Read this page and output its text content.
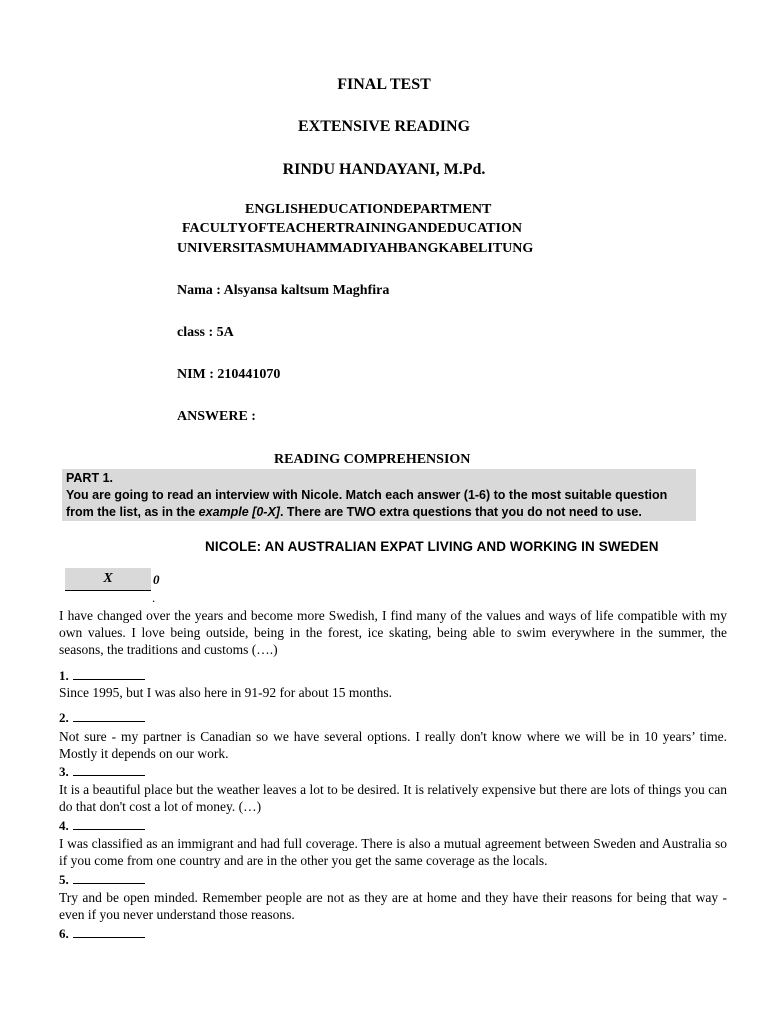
FINAL TEST
EXTENSIVE READING
RINDU HANDAYANI, M.Pd.
ENGLISHEDUCATIONDEPARTMENT
FACULTYOFTEACHERTRAININGANDEDUCATION
UNIVERSITASMUHAMMADIYAHBANGKABELITUNG
Nama : Alsyansa kaltsum Maghfira
class : 5A
NIM : 210441070
ANSWERE :
READING COMPREHENSION
PART 1.
You are going to read an interview with Nicole. Match each answer (1-6) to the most suitable question from the list, as in the example [0-X]. There are TWO extra questions that you do not need to use.
NICOLE: AN AUSTRALIAN EXPAT LIVING AND WORKING IN SWEDEN
X	0
.
I have changed over the years and become more Swedish, I find many of the values and ways of life compatible with my own values. I love being outside, being in the forest, ice skating, being able to swim everywhere in the summer, the seasons, the traditions and customs (….)
1.
Since 1995, but I was also here in 91-92 for about 15 months.
2.
Not sure - my partner is Canadian so we have several options. I really don't know where we will be in 10 years’ time. Mostly it depends on our work.
3.
It is a beautiful place but the weather leaves a lot to be desired. It is relatively expensive but there are lots of things you can do that don't cost a lot of money. (…)
4.
I was classified as an immigrant and had full coverage. There is also a mutual agreement between Sweden and Australia so if you come from one country and are in the other you get the same coverage as the locals.
5.
Try and be open minded. Remember people are not as they are at home and they have their reasons for being that way - even if you never understand those reasons.
6.
